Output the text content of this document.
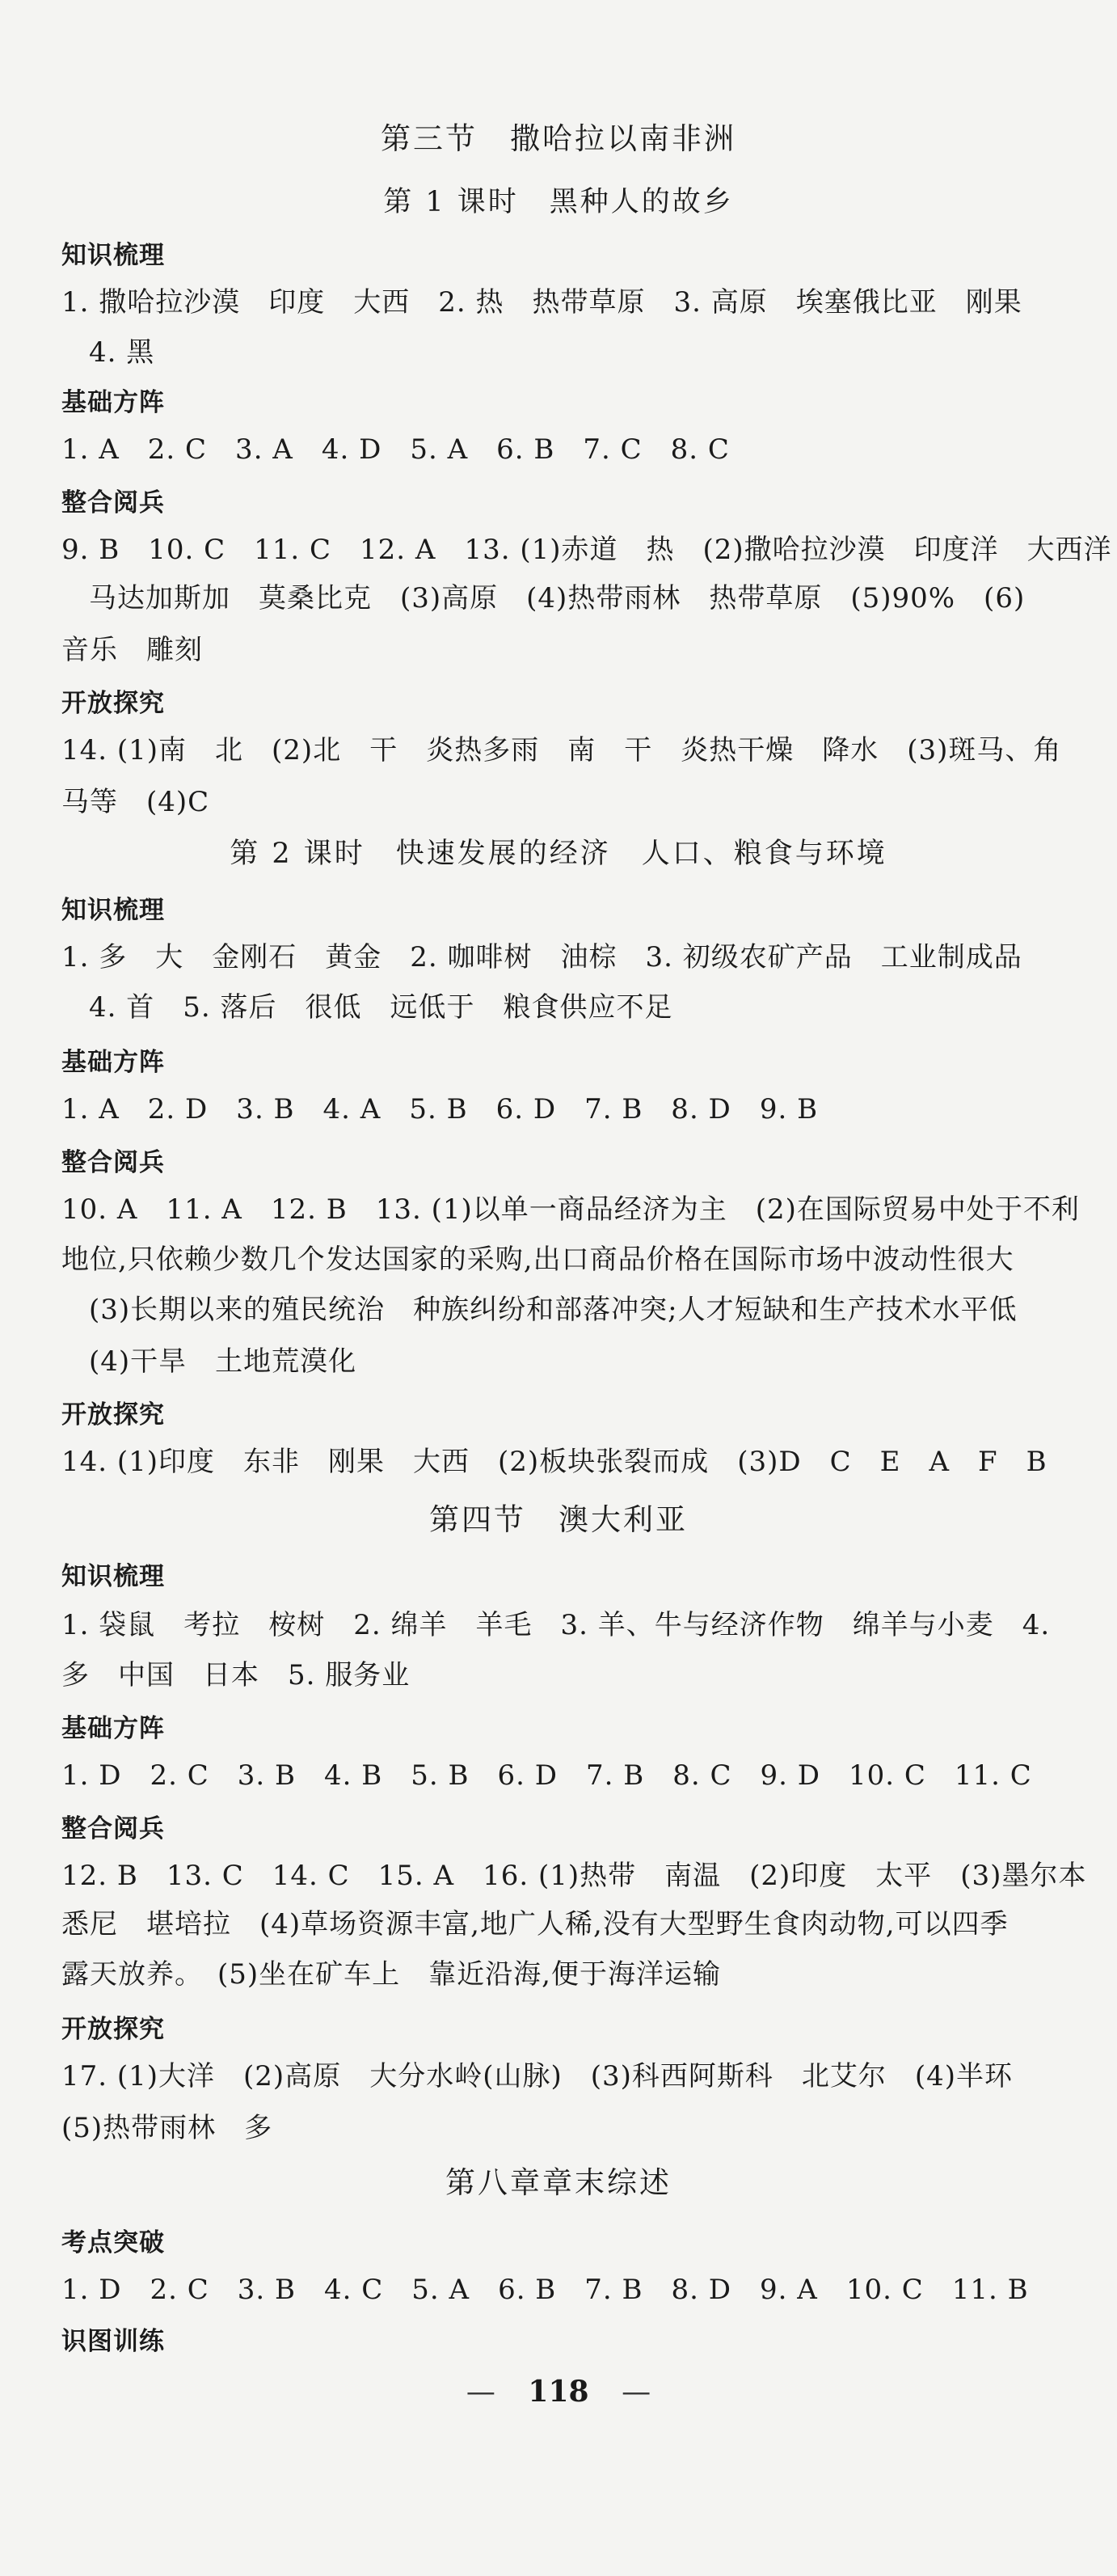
第三节　撒哈拉以南非洲
第 1 课时　黑种人的故乡
知识梳理
1. 撒哈拉沙漠　印度　大西　2. 热　热带草原　3. 高原　埃塞俄比亚　刚果
4. 黑
基础方阵
1. A　2. C　3. A　4. D　5. A　6. B　7. C　8. C
整合阅兵
9. B　10. C　11. C　12. A　13. (1)赤道　热　(2)撒哈拉沙漠　印度洋　大西洋
马达加斯加　莫桑比克　(3)高原　(4)热带雨林　热带草原　(5)90%　(6)
音乐　雕刻
开放探究
14. (1)南　北　(2)北　干　炎热多雨　南　干　炎热干燥　降水　(3)斑马、角
马等　(4)C
第 2 课时　快速发展的经济　人口、粮食与环境
知识梳理
1. 多　大　金刚石　黄金　2. 咖啡树　油棕　3. 初级农矿产品　工业制成品
4. 首　5. 落后　很低　远低于　粮食供应不足
基础方阵
1. A　2. D　3. B　4. A　5. B　6. D　7. B　8. D　9. B
整合阅兵
10. A　11. A　12. B　13. (1)以单一商品经济为主　(2)在国际贸易中处于不利
地位,只依赖少数几个发达国家的采购,出口商品价格在国际市场中波动性很大
(3)长期以来的殖民统治　种族纠纷和部落冲突;人才短缺和生产技术水平低
(4)干旱　土地荒漠化
开放探究
14. (1)印度　东非　刚果　大西　(2)板块张裂而成　(3)D　C　E　A　F　B
第四节　澳大利亚
知识梳理
1. 袋鼠　考拉　桉树　2. 绵羊　羊毛　3. 羊、牛与经济作物　绵羊与小麦　4.
多　中国　日本　5. 服务业
基础方阵
1. D　2. C　3. B　4. B　5. B　6. D　7. B　8. C　9. D　10. C　11. C
整合阅兵
12. B　13. C　14. C　15. A　16. (1)热带　南温　(2)印度　太平　(3)墨尔本
悉尼　堪培拉　(4)草场资源丰富,地广人稀,没有大型野生食肉动物,可以四季
露天放养。　(5)坐在矿车上　靠近沿海,便于海洋运输
开放探究
17. (1)大洋　(2)高原　大分水岭(山脉)　(3)科西阿斯科　北艾尔　(4)半环
(5)热带雨林　多
第八章章末综述
考点突破
1. D　2. C　3. B　4. C　5. A　6. B　7. B　8. D　9. A　10. C　11. B
识图训练
— 118 —
